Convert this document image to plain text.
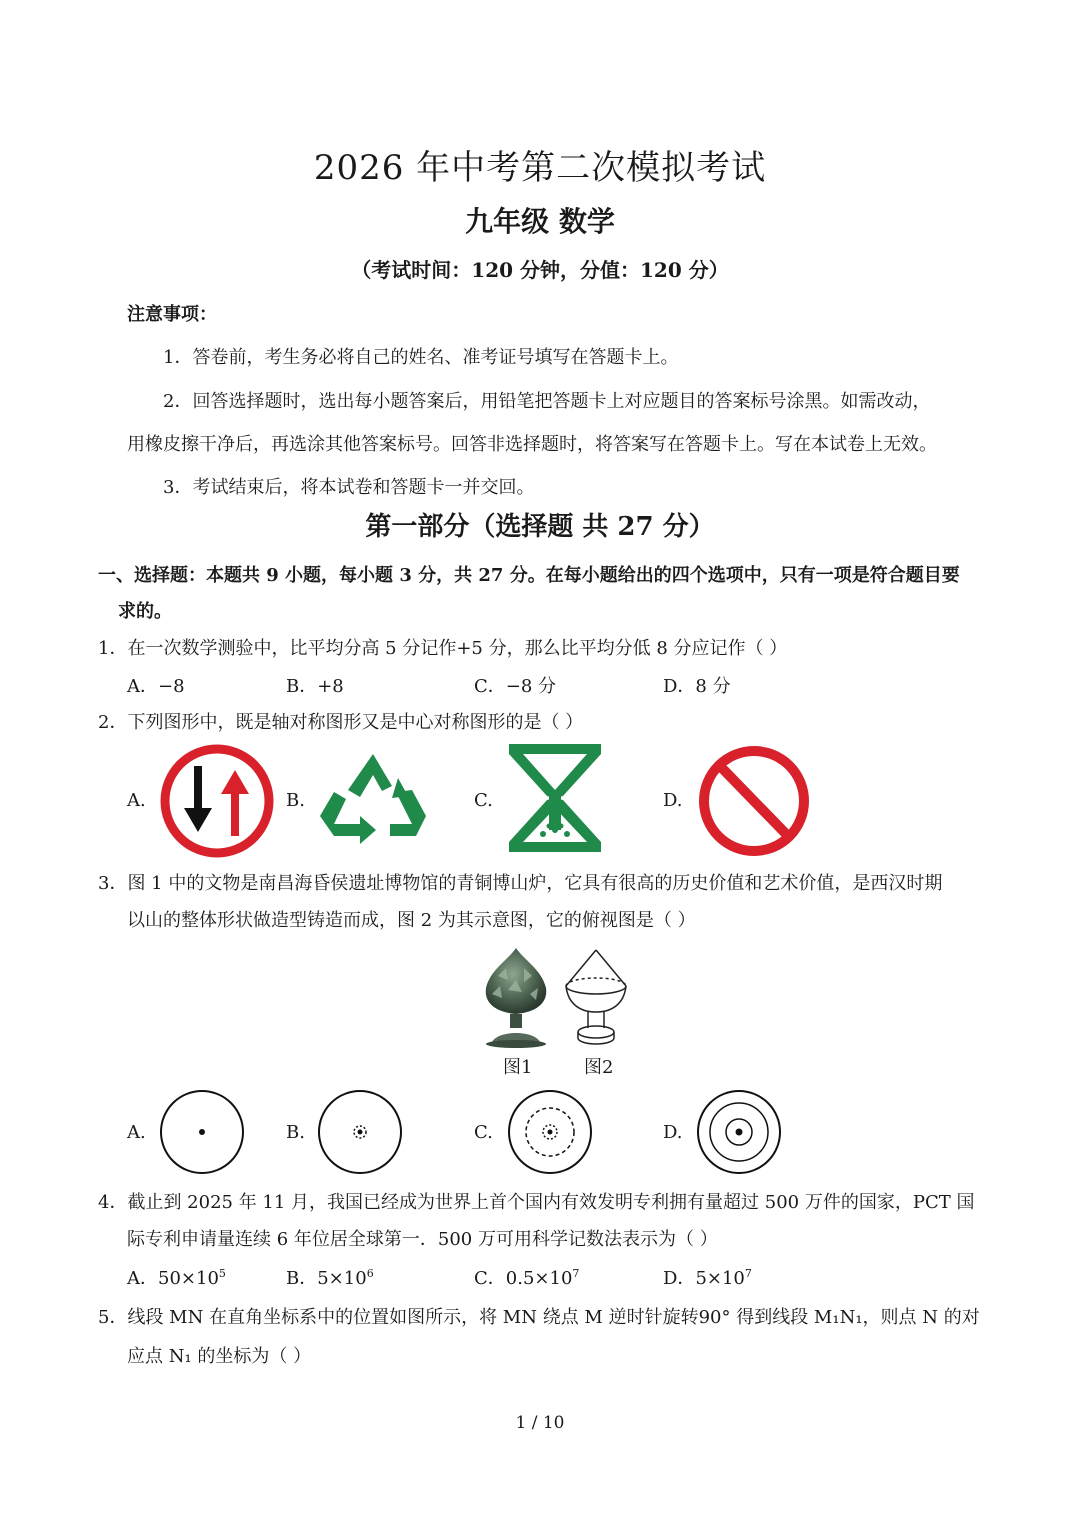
2026 年中考第二次模拟考试
九年级 数学
（考试时间：120 分钟，分值：120 分）
注意事项：
1．答卷前，考生务必将自己的姓名、准考证号填写在答题卡上。
2．回答选择题时，选出每小题答案后，用铅笔把答题卡上对应题目的答案标号涂黑。如需改动，
用橡皮擦干净后，再选涂其他答案标号。回答非选择题时，将答案写在答题卡上。写在本试卷上无效。
3．考试结束后，将本试卷和答题卡一并交回。
第一部分（选择题 共 27 分）
一、选择题：本题共 9 小题，每小题 3 分，共 27 分。在每小题给出的四个选项中，只有一项是符合题目要
求的。
1．在一次数学测验中，比平均分高 5 分记作+5 分，那么比平均分低 8 分应记作（ ）
A．−8	B．+8	C．−8 分	D．8 分
2．下列图形中，既是轴对称图形又是中心对称图形的是（ ）
A.	B.	C.	D.
3．图 1 中的文物是南昌海昏侯遗址博物馆的青铜博山炉，它具有很高的历史价值和艺术价值，是西汉时期
以山的整体形状做造型铸造而成，图 2 为其示意图，它的俯视图是（ ）
图1	图2
A.	B.	C.	D.
4．截止到 2025 年 11 月，我国已经成为世界上首个国内有效发明专利拥有量超过 500 万件的国家，PCT 国
际专利申请量连续 6 年位居全球第一．500 万可用科学记数法表示为（ ）
A．$50\times 10^5$	B．$5\times 10^6$	C．$0.5\times 10^7$	D．$5\times 10^7$
5．线段 MN 在直角坐标系中的位置如图所示，将 MN 绕点 M 逆时针旋转90° 得到线段 M₁N₁，则点 N 的对
应点 N₁ 的坐标为（ ）
1 / 10
